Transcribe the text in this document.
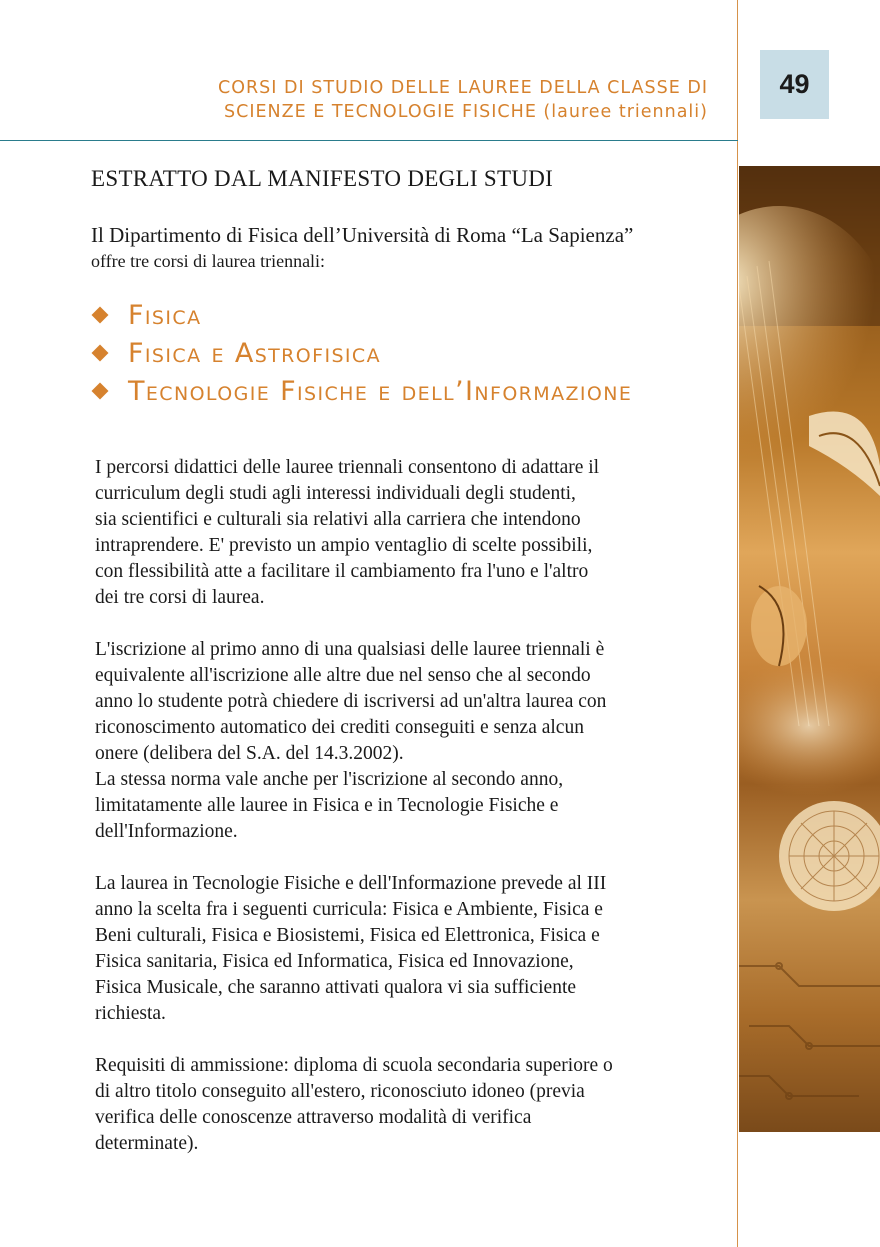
CORSI DI STUDIO DELLE LAUREE DELLA CLASSE DI
SCIENZE E TECNOLOGIE FISICHE (lauree triennali)
49
ESTRATTO DAL MANIFESTO DEGLI STUDI
Il Dipartimento di Fisica dell’Università di Roma “La Sapienza”
offre tre corsi di laurea triennali:
Fisica
Fisica e Astrofisica
Tecnologie Fisiche e dell’Informazione

I percorsi didattici delle lauree triennali consentono di adattare il
curriculum degli studi agli interessi individuali degli studenti,
sia scientifici e culturali sia relativi alla carriera che intendono
intraprendere. E' previsto un ampio ventaglio di scelte possibili,
con flessibilità atte a facilitare il cambiamento fra l'uno e l'altro
dei tre corsi di laurea.

L'iscrizione al primo anno di una qualsiasi delle lauree triennali è
equivalente all'iscrizione alle altre due nel senso che al secondo
anno lo studente potrà chiedere di iscriversi ad un'altra laurea con
riconoscimento automatico dei crediti conseguiti e senza alcun
onere (delibera del S.A. del 14.3.2002).
La stessa norma vale anche per l'iscrizione al secondo anno,
limitatamente alle lauree in Fisica e in Tecnologie Fisiche e
dell'Informazione.

La laurea in Tecnologie Fisiche e dell'Informazione prevede al III
anno la scelta fra i seguenti curricula: Fisica e Ambiente, Fisica e
Beni culturali, Fisica e Biosistemi, Fisica ed Elettronica, Fisica e
Fisica sanitaria, Fisica ed Informatica, Fisica ed Innovazione,
Fisica Musicale, che saranno attivati qualora vi sia sufficiente
richiesta.

Requisiti di ammissione: diploma di scuola secondaria superiore o
di altro titolo conseguito all'estero, riconosciuto idoneo (previa
verifica delle conoscenze attraverso modalità di verifica
determinate).
